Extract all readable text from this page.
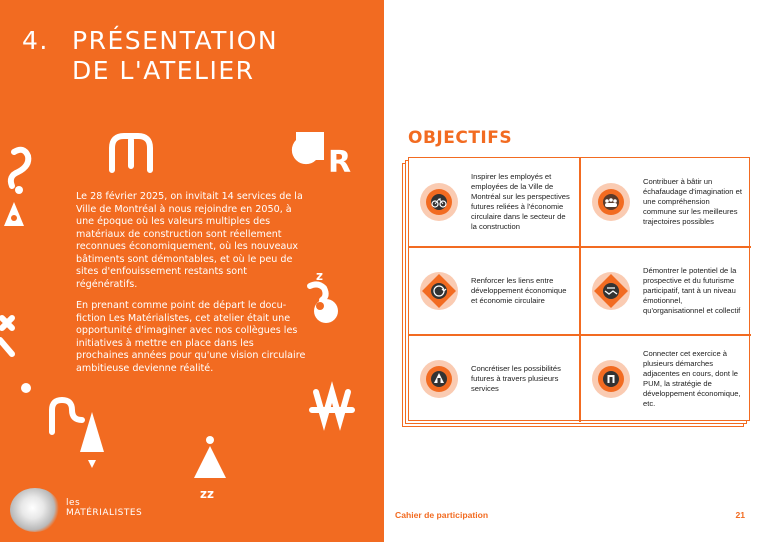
R
zz
z
4. PRÉSENTATION
DE L'ATELIER

Le 28 février 2025, on invitait 14 services de la Ville de Montréal à nous rejoindre en 2050, à une époque où les valeurs multiples des matériaux de construction sont réellement reconnues économiquement, où les nouveaux bâtiments sont démontables, et où le peu de sites d'enfouissement restants sont régénératifs.

En prenant comme point de départ le docu-fiction Les Matérialistes, cet atelier était une opportunité d'imaginer avec nos collègues les initiatives à mettre en place dans les prochaines années pour qu'une vision circulaire ambitieuse devienne réalité.

les
MATÉRIALISTES
OBJECTIFS
Inspirer les employés et employées de la Ville de Montréal sur les perspectives futures reliées à l'économie circulaire dans le secteur de la construction
Contribuer à bâtir un échafaudage d'imagination et une compréhension commune sur les meilleures trajectoires possibles
Renforcer les liens entre développement économique et économie circulaire
Démontrer le potentiel de la prospective et du futurisme participatif, tant à un niveau émotionnel, qu'organisationnel et collectif
Concrétiser les possibilités futures à travers plusieurs services
Connecter cet exercice à plusieurs démarches adjacentes en cours, dont le PUM, la stratégie de développement économique, etc.
Cahier de participation	21
